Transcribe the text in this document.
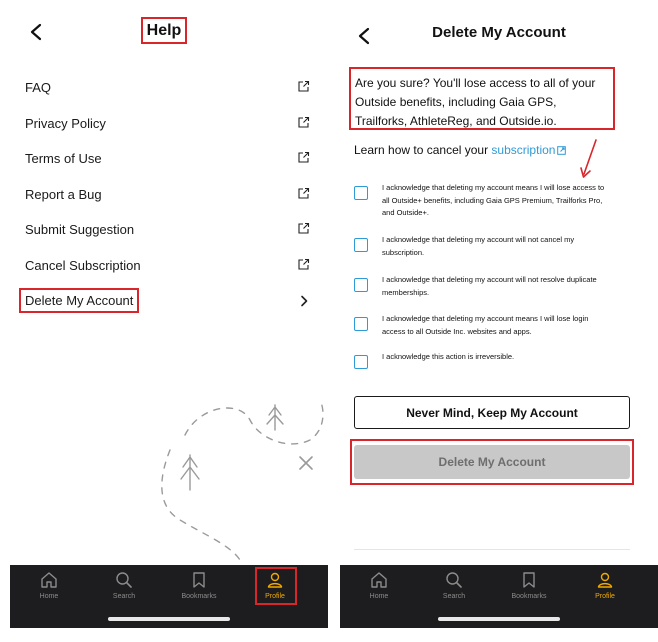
Help
FAQ
Privacy Policy
Terms of Use
Report a Bug
Submit Suggestion
Cancel Subscription
Delete My Account
Home	Search	Bookmarks	Profile
Delete My Account
Are you sure? You'll lose access to all of your Outside benefits, including Gaia GPS, Trailforks, AthleteReg, and Outside.io.
Learn how to cancel your subscription
I acknowledge that deleting my account means I will lose access to all Outside+ benefits, including Gaia GPS Premium, Trailforks Pro, and Outside+.
I acknowledge that deleting my account will not cancel my subscription.
I acknowledge that deleting my account will not resolve duplicate memberships.
I acknowledge that deleting my account means I will lose login access to all Outside Inc. websites and apps.
I acknowledge this action is irreversible.
Never Mind, Keep My Account
Delete My Account
Home	Search	Bookmarks	Profile
